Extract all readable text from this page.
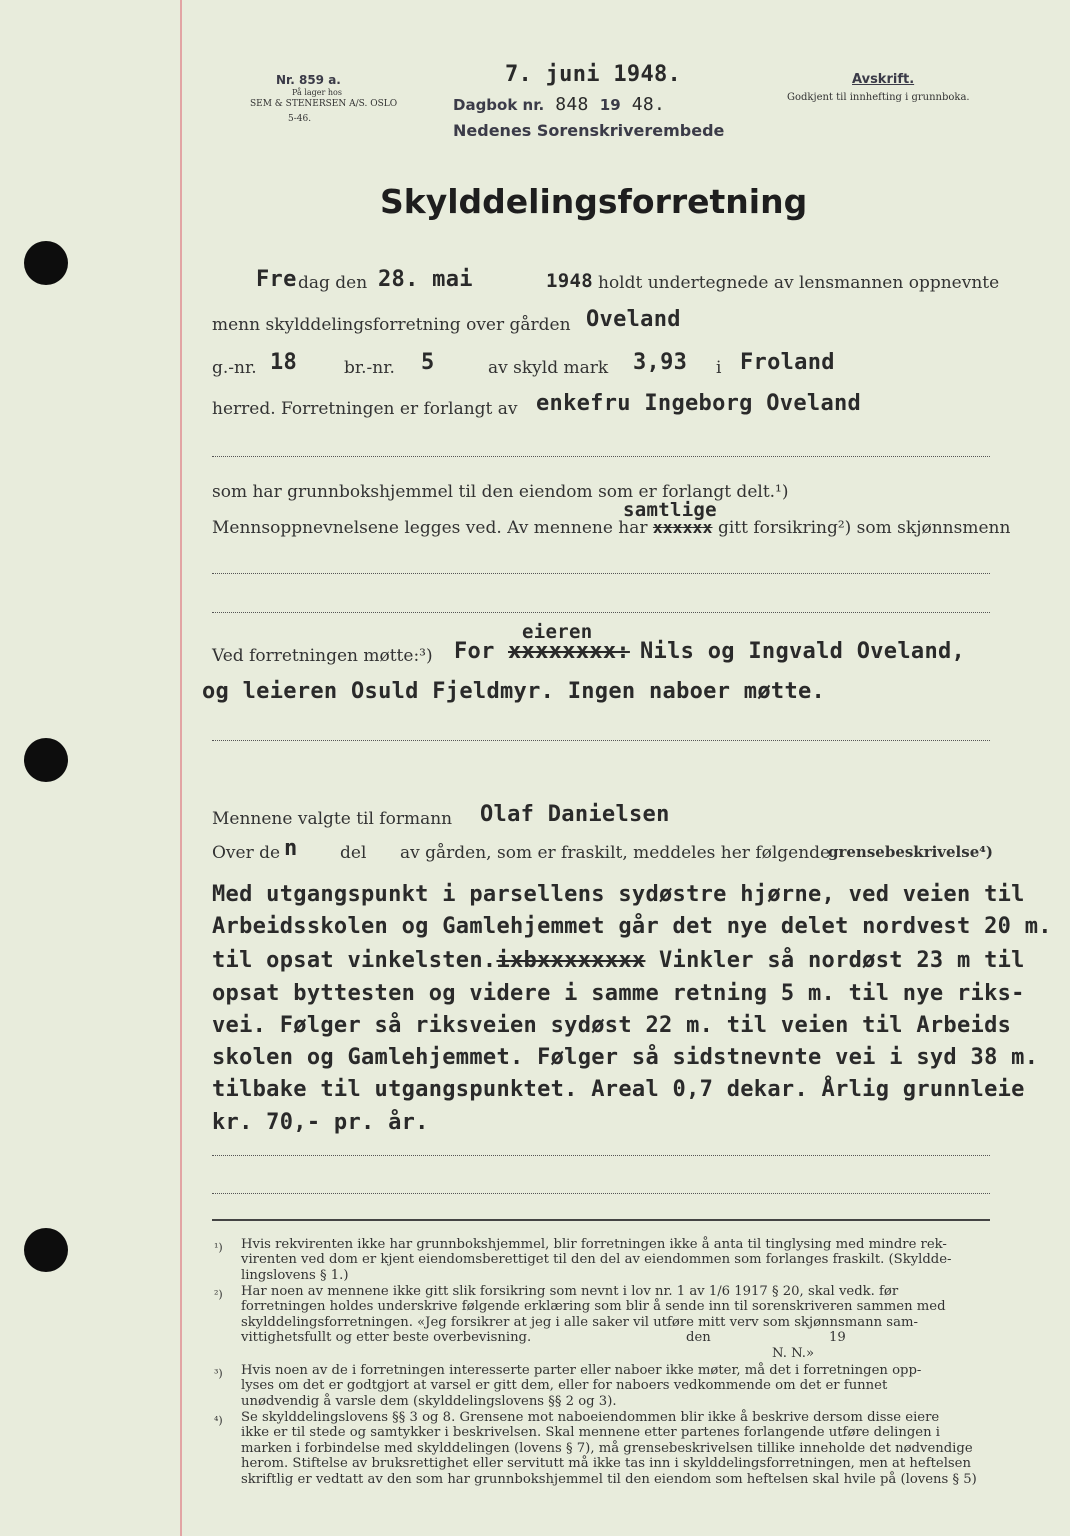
Nr. 859 a.
På lager hos
SEM & STENERSEN A/S. OSLO
5-46.
7. juni 1948.
Dagbok nr. 848 19 48.
Nedenes Sorenskriverembede
Avskrift.
Godkjent til innhefting i grunnboka.
Skylddelingsforretning
Fre dag den 28. mai	1948 holdt undertegnede av lensmannen oppnevnte
menn skylddelingsforretning over gården Oveland
g.-nr. 18	br.-nr. 5	av skyld mark 3,93 i Froland
herred. Forretningen er forlangt av enkefru Ingeborg Oveland
som har grunnbokshjemmel til den eiendom som er forlangt delt.¹)
samtlige
Mennsoppnevnelsene legges ved. Av mennene har xxxxxx gitt forsikring²) som skjønnsmenn
eieren
Ved forretningen møtte:³) For xxxxxxxx: Nils og Ingvald Oveland,
og leieren Osuld Fjeldmyr. Ingen naboer møtte.
Mennene valgte til formann Olaf Danielsen
Over de n del av gården, som er fraskilt, meddeles her følgende
grensebeskrivelse⁴)
Med utgangspunkt i parsellens sydøstre hjørne, ved veien til
Arbeidsskolen og Gamlehjemmet går det nye delet nordvest 20 m.
til opsat vinkelsten.ixbxxxxxxxx Vinkler så nordøst 23 m til
opsat byttesten og videre i samme retning 5 m. til nye riks-
vei. Følger så riksveien sydøst 22 m. til veien til Arbeids
skolen og Gamlehjemmet. Følger så sidstnevnte vei i syd 38 m.
tilbake til utgangspunktet. Areal 0,7 dekar. Årlig grunnleie
kr. 70,- pr. år.
¹) Hvis rekvirenten ikke har grunnbokshjemmel, blir forretningen ikke å anta til tinglysing med mindre rek-
virenten ved dom er kjent eiendomsberettiget til den del av eiendommen som forlanges fraskilt. (Skyldde-
lingslovens § 1.)
²) Har noen av mennene ikke gitt slik forsikring som nevnt i lov nr. 1 av 1/6 1917 § 20, skal vedk. før
forretningen holdes underskrive følgende erklæring som blir å sende inn til sorenskriveren sammen med
skylddelingsforretningen. «Jeg forsikrer at jeg i alle saker vil utføre mitt verv som skjønnsmann sam-
vittighetsfullt og etter beste overbevisning.	den	19
N. N.»
³) Hvis noen av de i forretningen interesserte parter eller naboer ikke møter, må det i forretningen opp-
lyses om det er godtgjort at varsel er gitt dem, eller for naboers vedkommende om det er funnet
unødvendig å varsle dem (skylddelingslovens §§ 2 og 3).
⁴) Se skylddelingslovens §§ 3 og 8. Grensene mot naboeiendommen blir ikke å beskrive dersom disse eiere
ikke er til stede og samtykker i beskrivelsen. Skal mennene etter partenes forlangende utføre delingen i
marken i forbindelse med skylddelingen (lovens § 7), må grensebeskrivelsen tillike inneholde det nødvendige
herom. Stiftelse av bruksrettighet eller servitutt må ikke tas inn i skylddelingsforretningen, men at heftelsen
skriftlig er vedtatt av den som har grunnbokshjemmel til den eiendom som heftelsen skal hvile på (lovens § 5)
